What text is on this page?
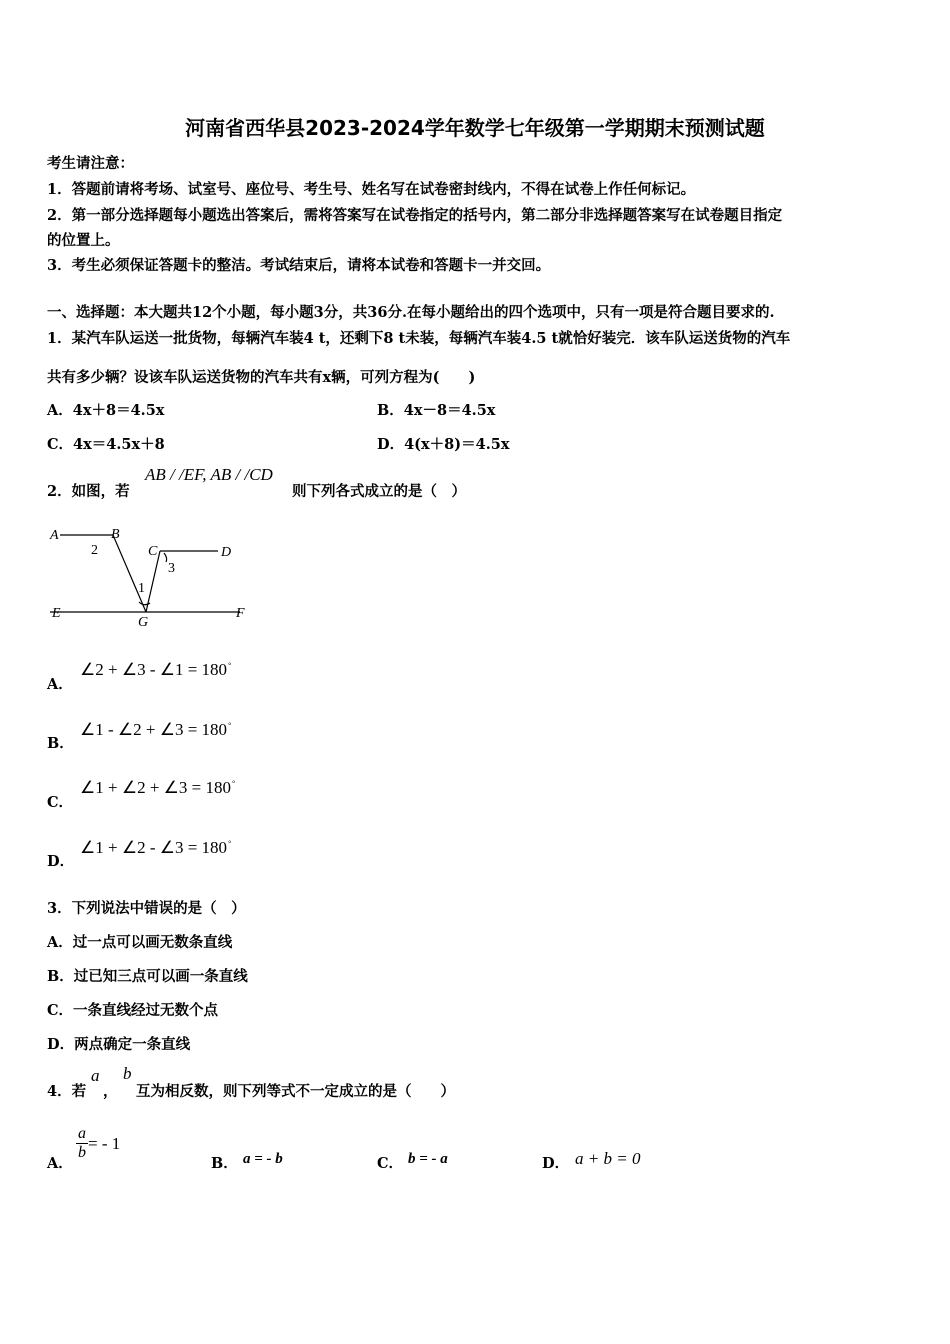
河南省西华县2023-2024学年数学七年级第一学期期末预测试题
考生请注意：
1．答题前请将考场、试室号、座位号、考生号、姓名写在试卷密封线内，不得在试卷上作任何标记。
2．第一部分选择题每小题选出答案后，需将答案写在试卷指定的括号内，第二部分非选择题答案写在试卷题目指定
的位置上。
3．考生必须保证答题卡的整洁。考试结束后，请将本试卷和答题卡一并交回。
一、选择题：本大题共12个小题，每小题3分，共36分.在每小题给出的四个选项中，只有一项是符合题目要求的.
1．某汽车队运送一批货物，每辆汽车装4 t，还剩下8 t未装，每辆汽车装4.5 t就恰好装完．该车队运送货物的汽车
共有多少辆？设该车队运送货物的汽车共有x辆，可列方程为(　　)
A．4x＋8＝4.5x	B．4x－8＝4.5x
C．4x＝4.5x＋8	D．4(x＋8)＝4.5x
2．如图，若
AB / /EF, AB / /CD
则下列各式成立的是（　）
A	B
C	D
E	F
G
2
1
3
A．
∠2 + ∠3 - ∠1 = 180°
B．
∠1 - ∠2 + ∠3 = 180°
C．
∠1 + ∠2 + ∠3 = 180°
D．
∠1 + ∠2 - ∠3 = 180°
3．下列说法中错误的是（　）
A．过一点可以画无数条直线
B．过已知三点可以画一条直线
C．一条直线经过无数个点
D．两点确定一条直线
4．若
a
，
b
互为相反数，则下列等式不一定成立的是（　　）
A．
$\frac{a}{b}$ = - 1
B． a = - b	C． b = - a	D． a + b = 0
